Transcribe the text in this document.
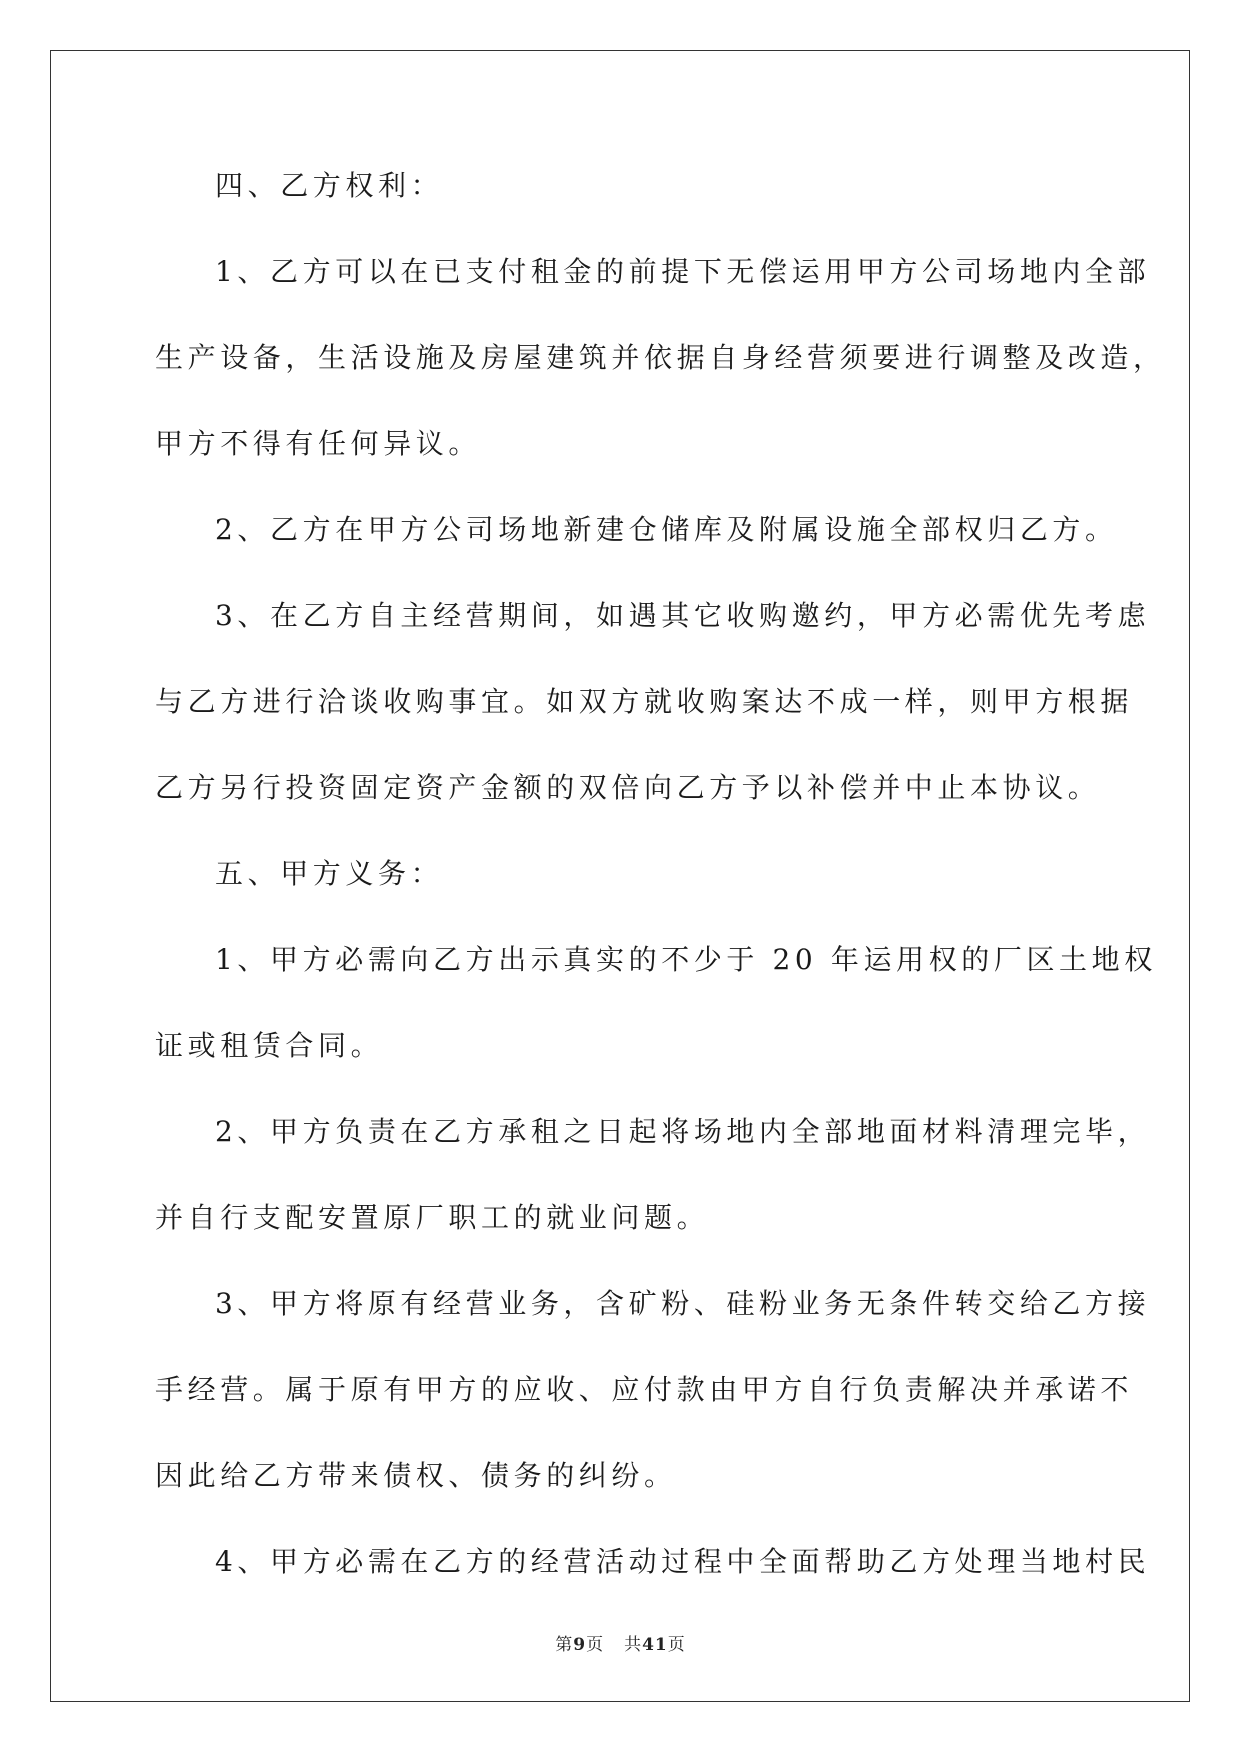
四、乙方权利：
1、乙方可以在已支付租金的前提下无偿运用甲方公司场地内全部
生产设备，生活设施及房屋建筑并依据自身经营须要进行调整及改造，
甲方不得有任何异议。
2、乙方在甲方公司场地新建仓储库及附属设施全部权归乙方。
3、在乙方自主经营期间，如遇其它收购邀约，甲方必需优先考虑
与乙方进行洽谈收购事宜。如双方就收购案达不成一样，则甲方根据
乙方另行投资固定资产金额的双倍向乙方予以补偿并中止本协议。
五、甲方义务：
1、甲方必需向乙方出示真实的不少于 20 年运用权的厂区土地权
证或租赁合同。
2、甲方负责在乙方承租之日起将场地内全部地面材料清理完毕，
并自行支配安置原厂职工的就业问题。
3、甲方将原有经营业务，含矿粉、硅粉业务无条件转交给乙方接
手经营。属于原有甲方的应收、应付款由甲方自行负责解决并承诺不
因此给乙方带来债权、债务的纠纷。
4、甲方必需在乙方的经营活动过程中全面帮助乙方处理当地村民
第9页 共41页
